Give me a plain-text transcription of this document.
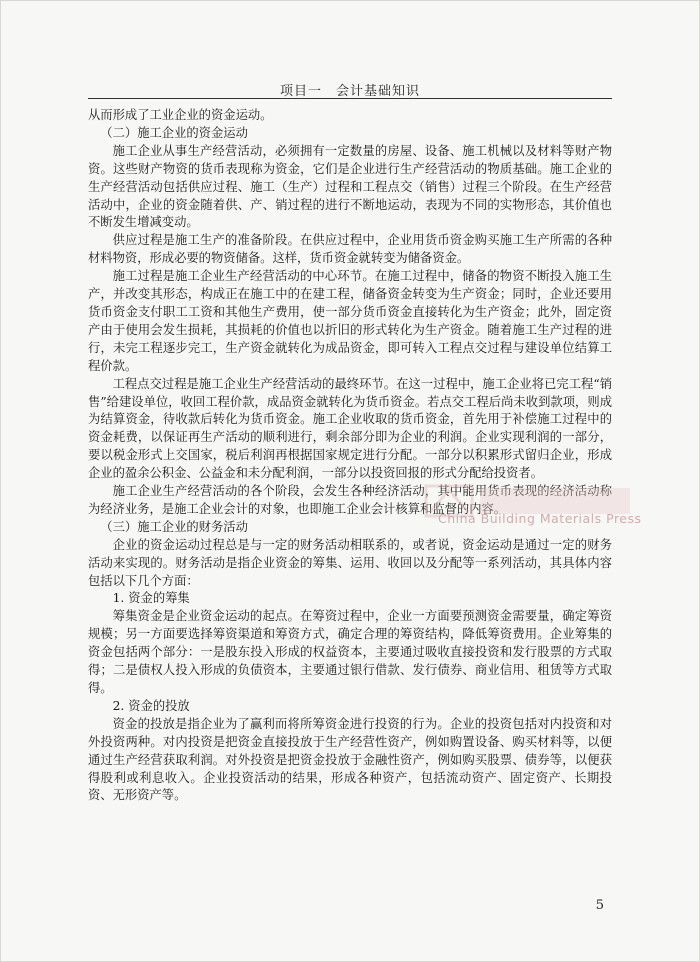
项目一　会计基础知识

从而形成了工业企业的资金运动。

（二）施工企业的资金运动

施工企业从事生产经营活动，必须拥有一定数量的房屋、设备、施工机械以及材料等财产物资。这些财产物资的货币表现称为资金，它们是企业进行生产经营活动的物质基础。施工企业的生产经营活动包括供应过程、施工（生产）过程和工程点交（销售）过程三个阶段。在生产经营活动中，企业的资金随着供、产、销过程的进行不断地运动，表现为不同的实物形态，其价值也不断发生增减变动。

供应过程是施工生产的准备阶段。在供应过程中，企业用货币资金购买施工生产所需的各种材料物资，形成必要的物资储备。这样，货币资金就转变为储备资金。

施工过程是施工企业生产经营活动的中心环节。在施工过程中，储备的物资不断投入施工生产，并改变其形态，构成正在施工中的在建工程，储备资金转变为生产资金；同时，企业还要用货币资金支付职工工资和其他生产费用，使一部分货币资金直接转化为生产资金；此外，固定资产由于使用会发生损耗，其损耗的价值也以折旧的形式转化为生产资金。随着施工生产过程的进行，未完工程逐步完工，生产资金就转化为成品资金，即可转入工程点交过程与建设单位结算工程价款。

工程点交过程是施工企业生产经营活动的最终环节。在这一过程中，施工企业将已完工程“销售”给建设单位，收回工程价款，成品资金就转化为货币资金。若点交工程后尚未收到款项，则成为结算资金，待收款后转化为货币资金。施工企业收取的货币资金，首先用于补偿施工过程中的资金耗费，以保证再生产活动的顺利进行，剩余部分即为企业的利润。企业实现利润的一部分，要以税金形式上交国家，税后利润再根据国家规定进行分配。一部分以积累形式留归企业，形成企业的盈余公积金、公益金和未分配利润，一部分以投资回报的形式分配给投资者。

施工企业生产经营活动的各个阶段，会发生各种经济活动，其中能用货币表现的经济活动称为经济业务，是施工企业会计的对象，也即施工企业会计核算和监督的内容。

（三）施工企业的财务活动

企业的资金运动过程总是与一定的财务活动相联系的，或者说，资金运动是通过一定的财务活动来实现的。财务活动是指企业资金的筹集、运用、收回以及分配等一系列活动，其具体内容包括以下几个方面：

1. 资金的筹集

筹集资金是企业资金运动的起点。在筹资过程中，企业一方面要预测资金需要量，确定筹资规模；另一方面要选择筹资渠道和筹资方式，确定合理的筹资结构，降低筹资费用。企业筹集的资金包括两个部分：一是股东投入形成的权益资本，主要通过吸收直接投资和发行股票的方式取得；二是债权人投入形成的负债资本，主要通过银行借款、发行债券、商业信用、租赁等方式取得。

2. 资金的投放

资金的投放是指企业为了赢利而将所筹资金进行投资的行为。企业的投资包括对内投资和对外投资两种。对内投资是把资金直接投放于生产经营性资产，例如购置设备、购买材料等，以便通过生产经营获取利润。对外投资是把资金投放于金融性资产，例如购买股票、债券等，以便获得股利或利息收入。企业投资活动的结果，形成各种资产，包括流动资产、固定资产、长期投资、无形资产等。

China Building Materials Press
5
